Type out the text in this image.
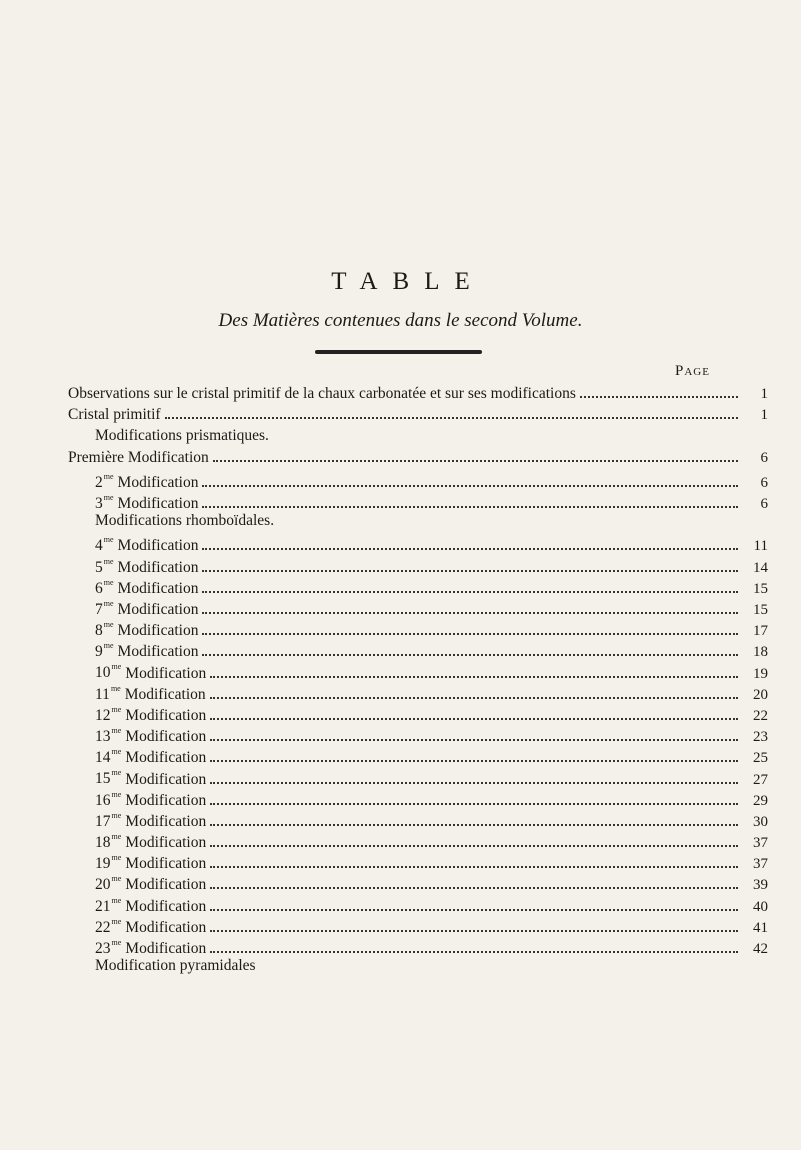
TABLE
Des Matières contenues dans le second Volume.
Page
Observations sur le cristal primitif de la chaux carbonatée et sur ses modifications	1
Cristal primitif	1
Modifications prismatiques.
Première Modification	6
$2^{me}$ Modification	6
$3^{me}$ Modification	6
Modifications rhomboïdales.
$4^{me}$ Modification	11
$5^{me}$ Modification	14
$6^{me}$ Modification	15
$7^{me}$ Modification	15
$8^{me}$ Modification	17
$9^{me}$ Modification	18
$10^{me}$ Modification	19
$11^{me}$ Modification	20
$12^{me}$ Modification	22
$13^{me}$ Modification	23
$14^{me}$ Modification	25
$15^{me}$ Modification	27
$16^{me}$ Modification	29
$17^{me}$ Modification	30
$18^{me}$ Modification	37
$19^{me}$ Modification	37
$20^{me}$ Modification	39
$21^{me}$ Modification	40
$22^{me}$ Modification	41
$23^{me}$ Modification	42
Modification pyramidales
